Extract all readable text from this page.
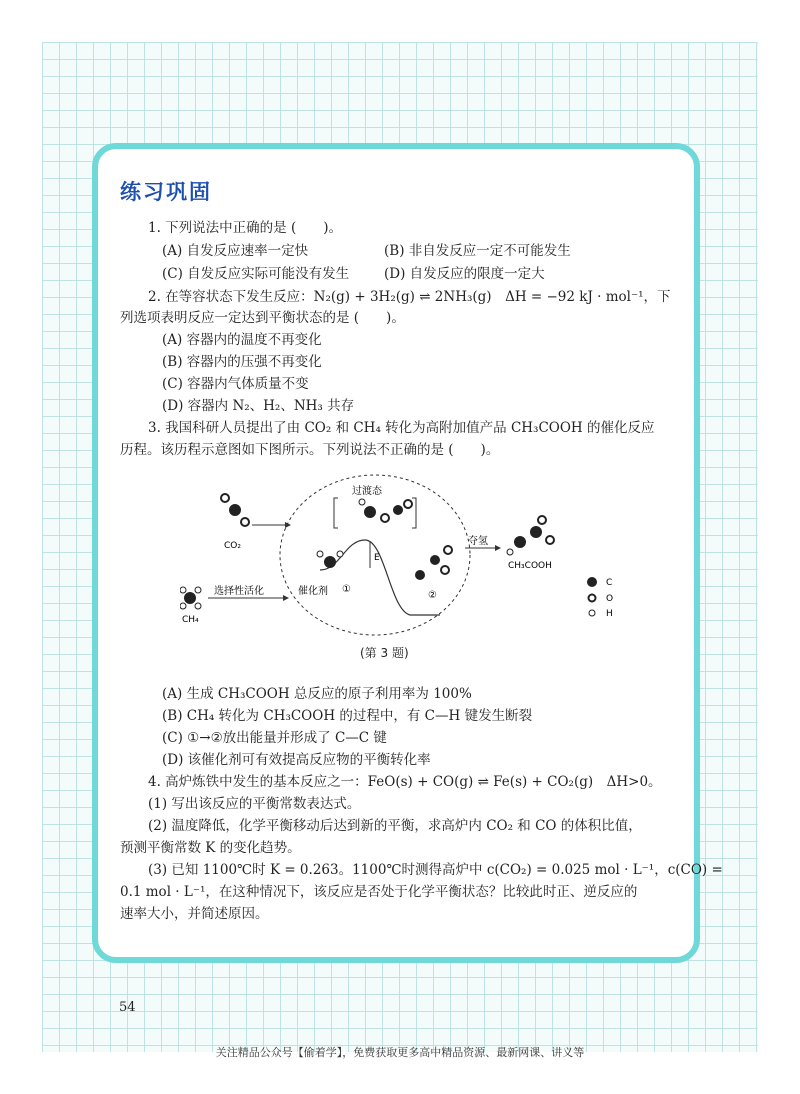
练习巩固
1. 下列说法中正确的是 (　　)。
(A) 自发反应速率一定快	(B) 非自发反应一定不可能发生
(C) 自发反应实际可能没有发生	(D) 自发反应的限度一定大
2. 在等容状态下发生反应：N₂(g) + 3H₂(g) ⇌ 2NH₃(g)　ΔH = −92 kJ · mol⁻¹，下
列选项表明反应一定达到平衡状态的是 (　　)。
(A) 容器内的温度不再变化
(B) 容器内的压强不再变化
(C) 容器内气体质量不变
(D) 容器内 N₂、H₂、NH₃ 共存
3. 我国科研人员提出了由 CO₂ 和 CH₄ 转化为高附加值产品 CH₃COOH 的催化反应
历程。该历程示意图如下图所示。下列说法不正确的是 (　　)。
E
过渡态
CO₂
①
催化剂	②
CH₄
选择性活化
夺氢
CH₃COOH
C
O
H
(第 3 题)
(A) 生成 CH₃COOH 总反应的原子利用率为 100%
(B) CH₄ 转化为 CH₃COOH 的过程中，有 C—H 键发生断裂
(C) ①→②放出能量并形成了 C—C 键
(D) 该催化剂可有效提高反应物的平衡转化率
4. 高炉炼铁中发生的基本反应之一：FeO(s) + CO(g) ⇌ Fe(s) + CO₂(g)　ΔH>0。
(1) 写出该反应的平衡常数表达式。
(2) 温度降低，化学平衡移动后达到新的平衡，求高炉内 CO₂ 和 CO 的体积比值，
预测平衡常数 K 的变化趋势。
(3) 已知 1100℃时 K = 0.263。1100℃时测得高炉中 c(CO₂) = 0.025 mol · L⁻¹，c(CO) =
0.1 mol · L⁻¹，在这种情况下，该反应是否处于化学平衡状态？比较此时正、逆反应的
速率大小，并简述原因。
54
关注精品公众号【偷着学】，免费获取更多高中精品资源、最新网课、讲义等
